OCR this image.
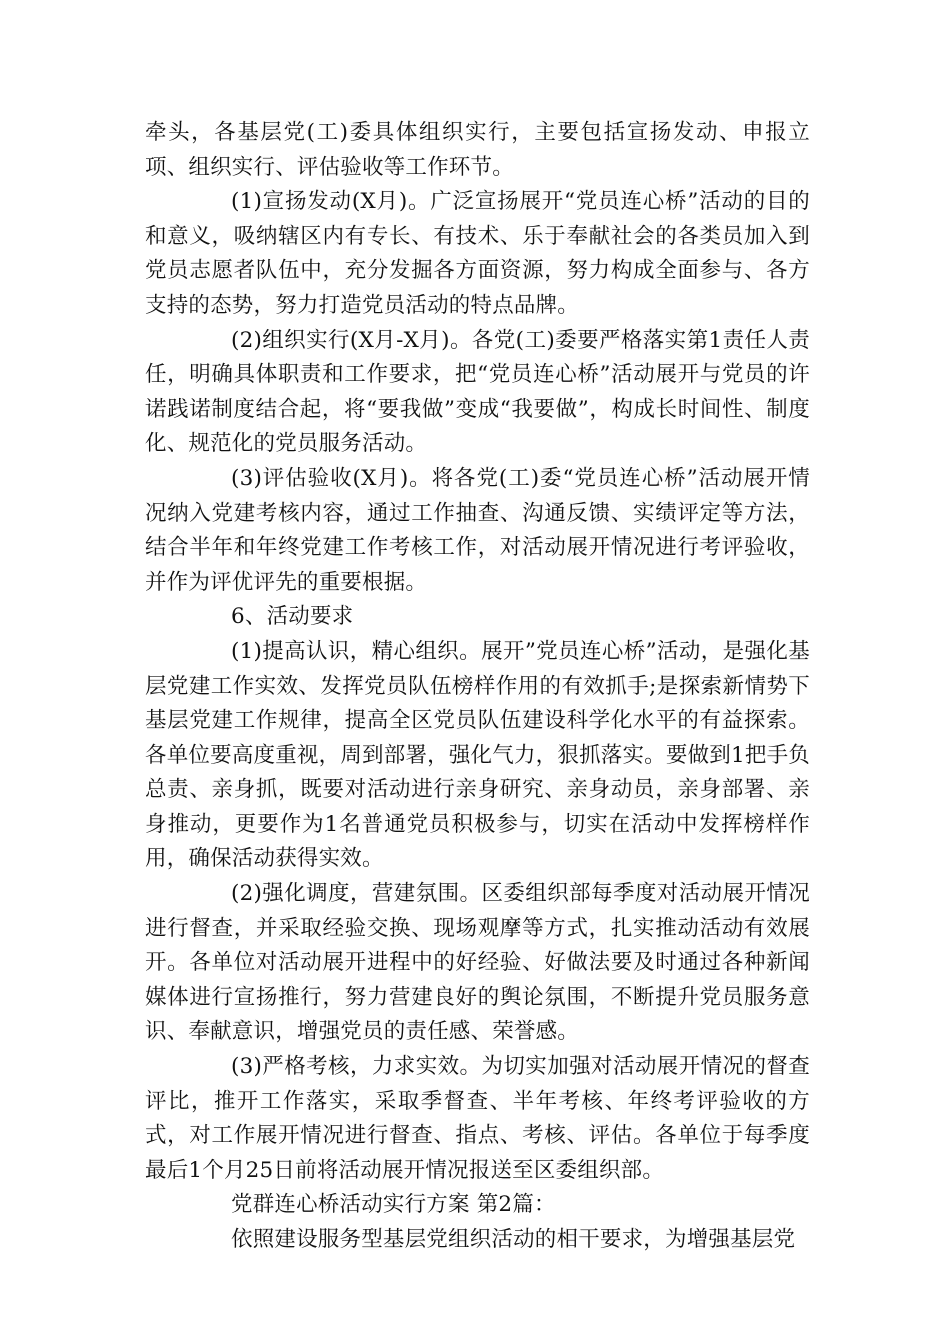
牵头，各基层党(工)委具体组织实行，主要包括宣扬发动、申报立项、组织实行、评估验收等工作环节。

(1)宣扬发动(X月)。广泛宣扬展开“党员连心桥”活动的目的和意义，吸纳辖区内有专长、有技术、乐于奉献社会的各类员加入到党员志愿者队伍中，充分发掘各方面资源，努力构成全面参与、各方支持的态势，努力打造党员活动的特点品牌。

(2)组织实行(X月-X月)。各党(工)委要严格落实第1责任人责任，明确具体职责和工作要求，把“党员连心桥”活动展开与党员的许诺践诺制度结合起，将“要我做”变成“我要做”，构成长时间性、制度化、规范化的党员服务活动。

(3)评估验收(X月)。将各党(工)委“党员连心桥”活动展开情况纳入党建考核内容，通过工作抽查、沟通反馈、实绩评定等方法，结合半年和年终党建工作考核工作，对活动展开情况进行考评验收，并作为评优评先的重要根据。

6、活动要求

(1)提高认识，精心组织。展开”党员连心桥”活动，是强化基层党建工作实效、发挥党员队伍榜样作用的有效抓手;是探索新情势下基层党建工作规律，提高全区党员队伍建设科学化水平的有益探索。各单位要高度重视，周到部署，强化气力，狠抓落实。要做到1把手负总责、亲身抓，既要对活动进行亲身研究、亲身动员，亲身部署、亲身推动，更要作为1名普通党员积极参与，切实在活动中发挥榜样作用，确保活动获得实效。

(2)强化调度，营建氛围。区委组织部每季度对活动展开情况进行督查，并采取经验交换、现场观摩等方式，扎实推动活动有效展开。各单位对活动展开进程中的好经验、好做法要及时通过各种新闻媒体进行宣扬推行，努力营建良好的舆论氛围，不断提升党员服务意识、奉献意识，增强党员的责任感、荣誉感。

(3)严格考核，力求实效。为切实加强对活动展开情况的督查评比，推开工作落实，采取季督查、半年考核、年终考评验收的方式，对工作展开情况进行督查、指点、考核、评估。各单位于每季度最后1个月25日前将活动展开情况报送至区委组织部。

党群连心桥活动实行方案 第2篇：

依照建设服务型基层党组织活动的相干要求，为增强基层党
